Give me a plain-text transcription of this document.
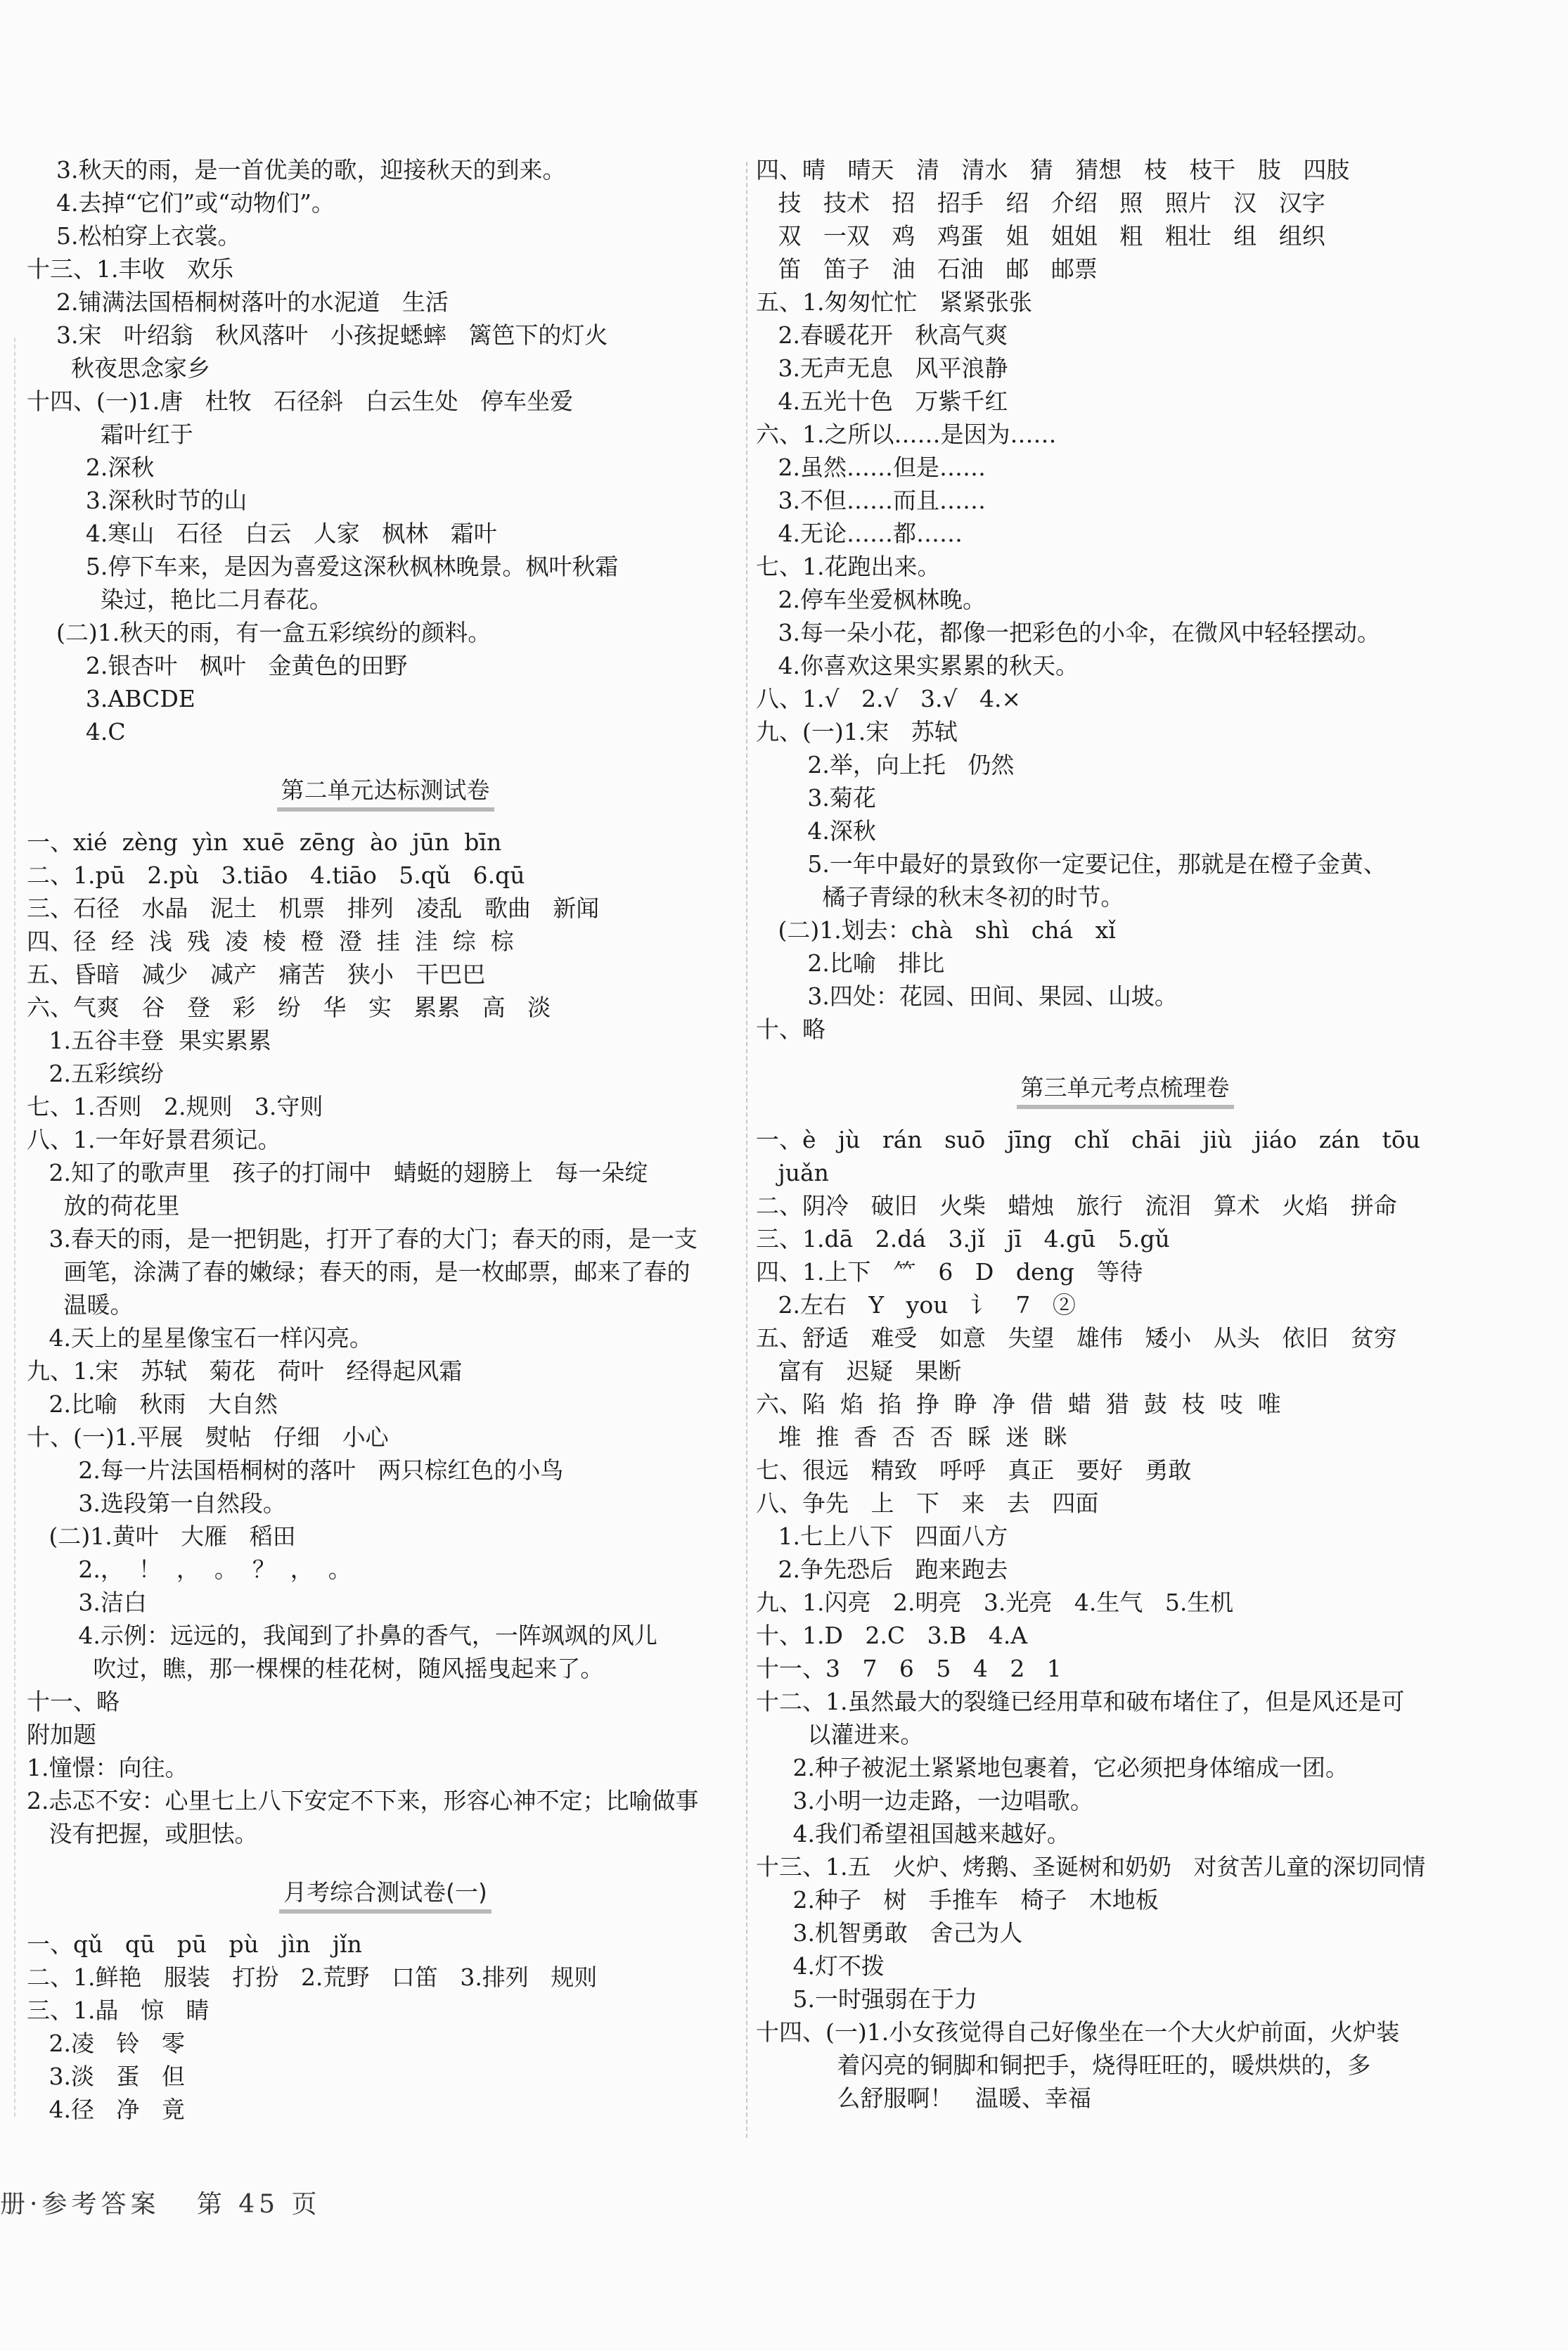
3.秋天的雨，是一首优美的歌，迎接秋天的到来。
4.去掉“它们”或“动物们”。
5.松柏穿上衣裳。
十三、1.丰收   欢乐
2.铺满法国梧桐树落叶的水泥道   生活
3.宋   叶绍翁   秋风落叶   小孩捉蟋蟀   篱笆下的灯火
秋夜思念家乡
十四、(一)1.唐   杜牧   石径斜   白云生处   停车坐爱
霜叶红于
2.深秋
3.深秋时节的山
4.寒山   石径   白云   人家   枫林   霜叶
5.停下车来，是因为喜爱这深秋枫林晚景。枫叶秋霜
染过，艳比二月春花。
(二)1.秋天的雨，有一盒五彩缤纷的颜料。
2.银杏叶   枫叶   金黄色的田野
3.ABCDE
4.C
第二单元达标测试卷
一、xié  zèng  yìn  xuē  zēng  ào  jūn  bīn
二、1.pū   2.pù   3.tiāo   4.tiāo   5.qǔ   6.qū
三、石径   水晶   泥土   机票   排列   凌乱   歌曲   新闻
四、径  经  浅  残  凌  棱  橙  澄  挂  洼  综  棕
五、昏暗   减少   减产   痛苦   狭小   干巴巴
六、气爽   谷   登   彩   纷   华   实   累累   高   淡
1.五谷丰登  果实累累
2.五彩缤纷
七、1.否则   2.规则   3.守则
八、1.一年好景君须记。
2.知了的歌声里   孩子的打闹中   蜻蜓的翅膀上   每一朵绽
放的荷花里
3.春天的雨，是一把钥匙，打开了春的大门；春天的雨，是一支
画笔，涂满了春的嫩绿；春天的雨，是一枚邮票，邮来了春的
温暖。
4.天上的星星像宝石一样闪亮。
九、1.宋   苏轼   菊花   荷叶   经得起风霜
2.比喻   秋雨   大自然
十、(一)1.平展   熨帖   仔细   小心
2.每一片法国梧桐树的落叶   两只棕红色的小鸟
3.选段第一自然段。
(二)1.黄叶   大雁   稻田
2.，  ！  ，  。  ？  ，  。
3.洁白
4.示例：远远的，我闻到了扑鼻的香气，一阵飒飒的风儿
吹过，瞧，那一棵棵的桂花树，随风摇曳起来了。
十一、略
附加题
1.憧憬：向往。
2.忐忑不安：心里七上八下安定不下来，形容心神不定；比喻做事
没有把握，或胆怯。
月考综合测试卷(一)
一、qǔ   qū   pū   pù   jìn   jǐn
二、1.鲜艳   服装   打扮   2.荒野   口笛   3.排列   规则
三、1.晶   惊   睛
2.凌   铃   零
3.淡   蛋   但
4.径   净   竟
四、晴   晴天   清   清水   猜   猜想   枝   枝干   肢   四肢
技   技术   招   招手   绍   介绍   照   照片   汉   汉字
双   一双   鸡   鸡蛋   姐   姐姐   粗   粗壮   组   组织
笛   笛子   油   石油   邮   邮票
五、1.匆匆忙忙   紧紧张张
2.春暖花开   秋高气爽
3.无声无息   风平浪静
4.五光十色   万紫千红
六、1.之所以……是因为……
2.虽然……但是……
3.不但……而且……
4.无论……都……
七、1.花跑出来。
2.停车坐爱枫林晚。
3.每一朵小花，都像一把彩色的小伞，在微风中轻轻摆动。
4.你喜欢这果实累累的秋天。
八、1.√   2.√   3.√   4.×
九、(一)1.宋   苏轼
2.举，向上托   仍然
3.菊花
4.深秋
5.一年中最好的景致你一定要记住，那就是在橙子金黄、
橘子青绿的秋末冬初的时节。
(二)1.划去：chà   shì   chá   xǐ
2.比喻   排比
3.四处：花园、田间、果园、山坡。
十、略
第三单元考点梳理卷
一、è   jù   rán   suō   jīng   chǐ   chāi   jiù   jiáo   zán   tōu
juǎn
二、阴冷   破旧   火柴   蜡烛   旅行   流泪   算术   火焰   拼命
三、1.dā   2.dá   3.jǐ   jī   4.gū   5.gǔ
四、1.上下   ⺮   6   D   deng   等待
2.左右   Y   you   讠   7   ②
五、舒适   难受   如意   失望   雄伟   矮小   从头   依旧   贫穷
富有   迟疑   果断
六、陷  焰  掐  挣  睁  净  借  蜡  猎  鼓  枝  吱  唯
堆  推  香  否  否  睬  迷  眯
七、很远   精致   呼呼   真正   要好   勇敢
八、争先   上   下   来   去   四面
1.七上八下   四面八方
2.争先恐后   跑来跑去
九、1.闪亮   2.明亮   3.光亮   4.生气   5.生机
十、1.D   2.C   3.B   4.A
十一、3   7   6   5   4   2   1
十二、1.虽然最大的裂缝已经用草和破布堵住了，但是风还是可
以灌进来。
2.种子被泥土紧紧地包裹着，它必须把身体缩成一团。
3.小明一边走路，一边唱歌。
4.我们希望祖国越来越好。
十三、1.五   火炉、烤鹅、圣诞树和奶奶   对贫苦儿童的深切同情
2.种子   树   手推车   椅子   木地板
3.机智勇敢   舍己为人
4.灯不拨
5.一时强弱在于力
十四、(一)1.小女孩觉得自己好像坐在一个大火炉前面，火炉装
着闪亮的铜脚和铜把手，烧得旺旺的，暖烘烘的，多
么舒服啊！   温暖、幸福
册·参考答案   第 45 页
